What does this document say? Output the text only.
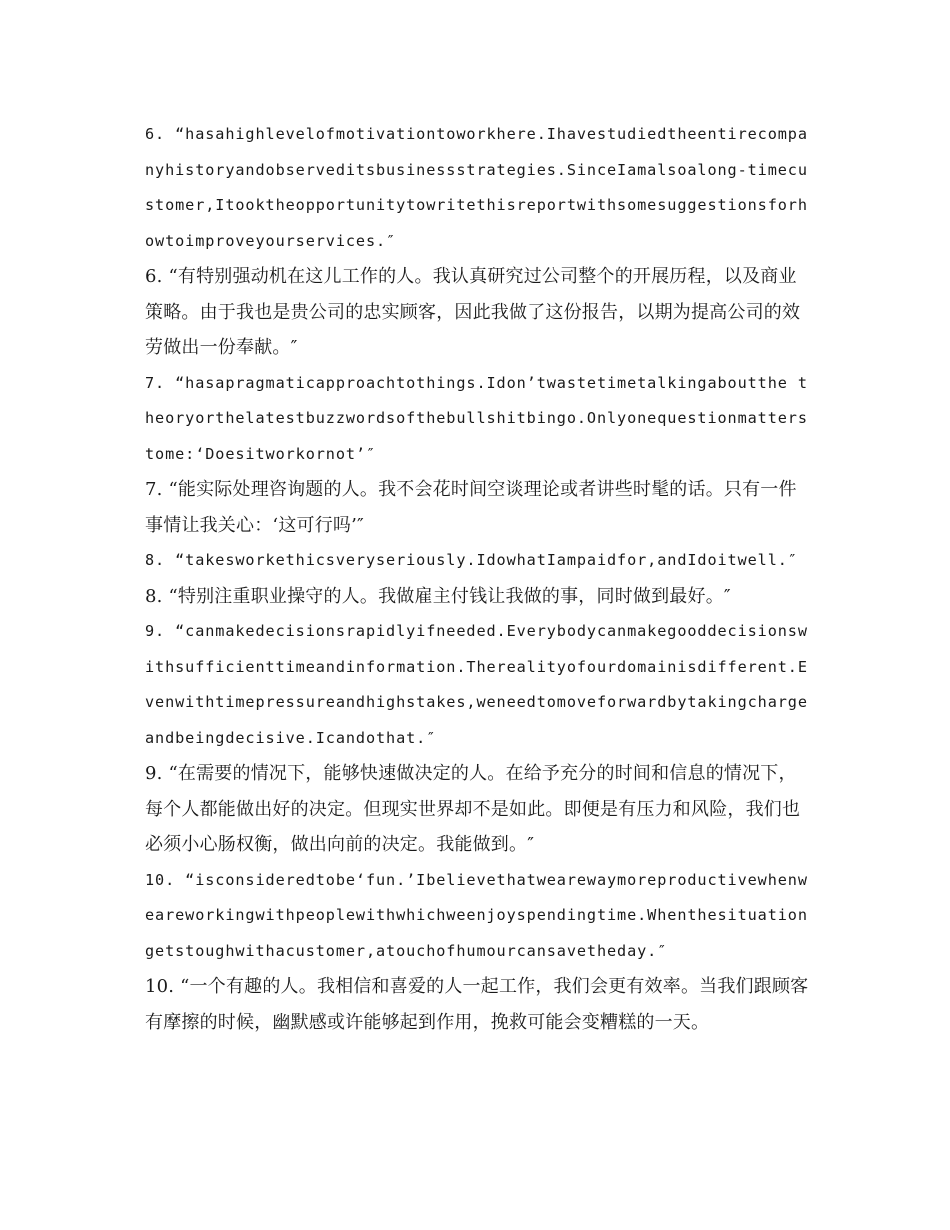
6. “hasahighlevelofmotivationtoworkhere.Ihavestudiedtheentirecompanyhistoryandobserveditsbusinessstrategies.SinceIamalsoalong-timecustomer,Itooktheopportunitytowritethisreportwithsomesuggestionsforhowtoimproveyourservices.″

6. “有特别强动机在这儿工作的人。我认真研究过公司整个的开展历程，以及商业策略。由于我也是贵公司的忠实顾客，因此我做了这份报告，以期为提高公司的效劳做出一份奉献。″

7. “hasapragmaticapproachtothings.Idon’twastetimetalkingaboutthe theoryorthelatestbuzzwordsofthebullshitbingo.Onlyonequestionmatterstome:‘Doesitworkornot’″

7. “能实际处理咨询题的人。我不会花时间空谈理论或者讲些时髦的话。只有一件事情让我关心：‘这可行吗’″

8. “takesworkethicsveryseriously.IdowhatIampaidfor,andIdoitwell.″

8. “特别注重职业操守的人。我做雇主付钱让我做的事，同时做到最好。″

9. “canmakedecisionsrapidlyifneeded.Everybodycanmakegooddecisionswithsufficienttimeandinformation.Therealityofourdomainisdifferent.Evenwithtimepressureandhighstakes,weneedtomoveforwardbytakingchargeandbeingdecisive.Icandothat.″

9. “在需要的情况下，能够快速做决定的人。在给予充分的时间和信息的情况下，每个人都能做出好的决定。但现实世界却不是如此。即便是有压力和风险，我们也必须小心肠权衡，做出向前的决定。我能做到。″

10. “isconsideredtobe‘fun.’Ibelievethatwearewaymoreproductivewhenweareworkingwithpeoplewithwhichweenjoyspendingtime.Whenthesituationgetstoughwithacustomer,atouchofhumourcansavetheday.″

10. “一个有趣的人。我相信和喜爱的人一起工作，我们会更有效率。当我们跟顾客有摩擦的时候，幽默感或许能够起到作用，挽救可能会变糟糕的一天。
